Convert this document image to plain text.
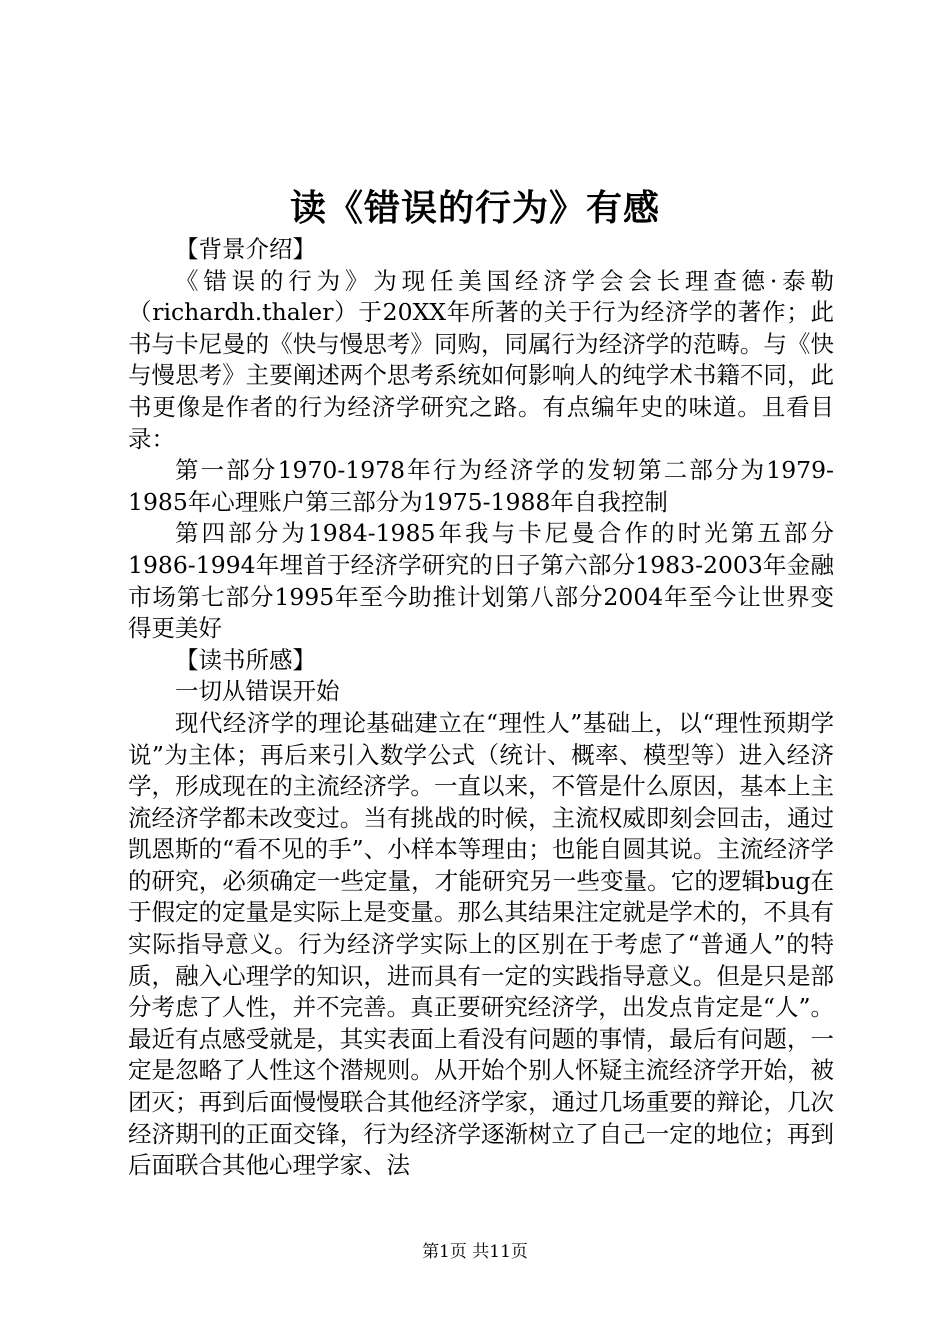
读《错误的行为》有感

【背景介绍】

《错误的行为》为现任美国经济学会会长理查德·泰勒（richardh.thaler）于20XX年所著的关于行为经济学的著作；此书与卡尼曼的《快与慢思考》同购，同属行为经济学的范畴。与《快与慢思考》主要阐述两个思考系统如何影响人的纯学术书籍不同，此书更像是作者的行为经济学研究之路。有点编年史的味道。且看目录：

第一部分1970-1978年行为经济学的发轫第二部分为1979-1985年心理账户第三部分为1975-1988年自我控制

第四部分为1984-1985年我与卡尼曼合作的时光第五部分1986-1994年埋首于经济学研究的日子第六部分1983-2003年金融市场第七部分1995年至今助推计划第八部分2004年至今让世界变得更美好

【读书所感】

一切从错误开始

现代经济学的理论基础建立在“理性人”基础上，以“理性预期学说”为主体；再后来引入数学公式（统计、概率、模型等）进入经济学，形成现在的主流经济学。一直以来，不管是什么原因，基本上主流经济学都未改变过。当有挑战的时候，主流权威即刻会回击，通过凯恩斯的“看不见的手”、小样本等理由；也能自圆其说。主流经济学的研究，必须确定一些定量，才能研究另一些变量。它的逻辑bug在于假定的定量是实际上是变量。那么其结果注定就是学术的，不具有实际指导意义。行为经济学实际上的区别在于考虑了“普通人”的特质，融入心理学的知识，进而具有一定的实践指导意义。但是只是部分考虑了人性，并不完善。真正要研究经济学，出发点肯定是“人”。最近有点感受就是，其实表面上看没有问题的事情，最后有问题，一定是忽略了人性这个潜规则。从开始个别人怀疑主流经济学开始，被团灭；再到后面慢慢联合其他经济学家，通过几场重要的辩论，几次经济期刊的正面交锋，行为经济学逐渐树立了自己一定的地位；再到后面联合其他心理学家、法

第1页 共11页
